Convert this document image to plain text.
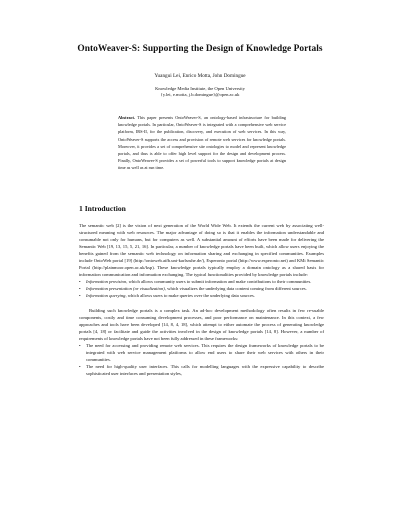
OntoWeaver-S: Supporting the Design of Knowledge Portals
Yuangui Lei, Enrico Motta, John Domingue
Knowledge Media Institute, the Open University
{y.lei, e.motta, j.b.domingue}@open.ac.uk
Abstract. This paper presents OntoWeaver-S, an ontology-based infrastructure for building knowledge portals. In particular, OntoWeaver-S is integrated with a comprehensive web service platform, IRS-II, for the publication, discovery, and execution of web services. In this way, OntoWeaver-S supports the access and provision of remote web services for knowledge portals. Moreover, it provides a set of comprehensive site ontologies to model and represent knowledge portals, and thus is able to offer high level support for the design and development process. Finally, OntoWeaver-S provides a set of powerful tools to support knowledge portals at design time as well as at run time.
1 Introduction

The semantic web [2] is the vision of next generation of the World Wide Web. It extends the current web by associating well-structured meaning with web resources. The major advantage of doing so is that it enables the information understandable and consumable not only for humans, but for computers as well. A substantial amount of efforts have been made for delivering the Semantic Web [19, 13, 15, 5, 21, 16]. In particular, a number of knowledge portals have been built, which allow users enjoying the benefits gained from the semantic web technology on information sharing and exchanging in specified communities. Examples include OntoWeb portal [19] (http://ontoweb.aifb.uni-karlsruhe.de/), Esperonto portal (http://www.esperonto.net) and KMi Semantic Portal (http://plainmoor.open.ac.uk/ksp). These knowledge portals typically employ a domain ontology as a shared basis for information communication and information exchanging. The typical functionalities provided by knowledge portals include:

• Information provision, which allows community users to submit information and make contributions to their communities.
• Information presentation (or visualization), which visualizes the underlying data content coming from different sources.
• Information querying, which allows users to make queries over the underlying data sources.

Building such knowledge portals is a complex task. An ad-hoc development methodology often results in few re-usable components, costly and time consuming development processes, and poor performance on maintenance. In this context, a few approaches and tools have been developed [14, 8, 4, 18], which attempt to either automate the process of generating knowledge portals [4, 18] or facilitate and guide the activities involved in the design of knowledge portals [14, 8]. However, a number of requirements of knowledge portals have not been fully addressed in these frameworks:

• The need for accessing and providing remote web services. This requires the design frameworks of knowledge portals to be integrated with web service management platforms to allow end users to share their web services with others in their communities.
• The need for high-quality user interfaces. This calls for modelling languages with the expressive capability to describe sophisticated user interfaces and presentation styles,
